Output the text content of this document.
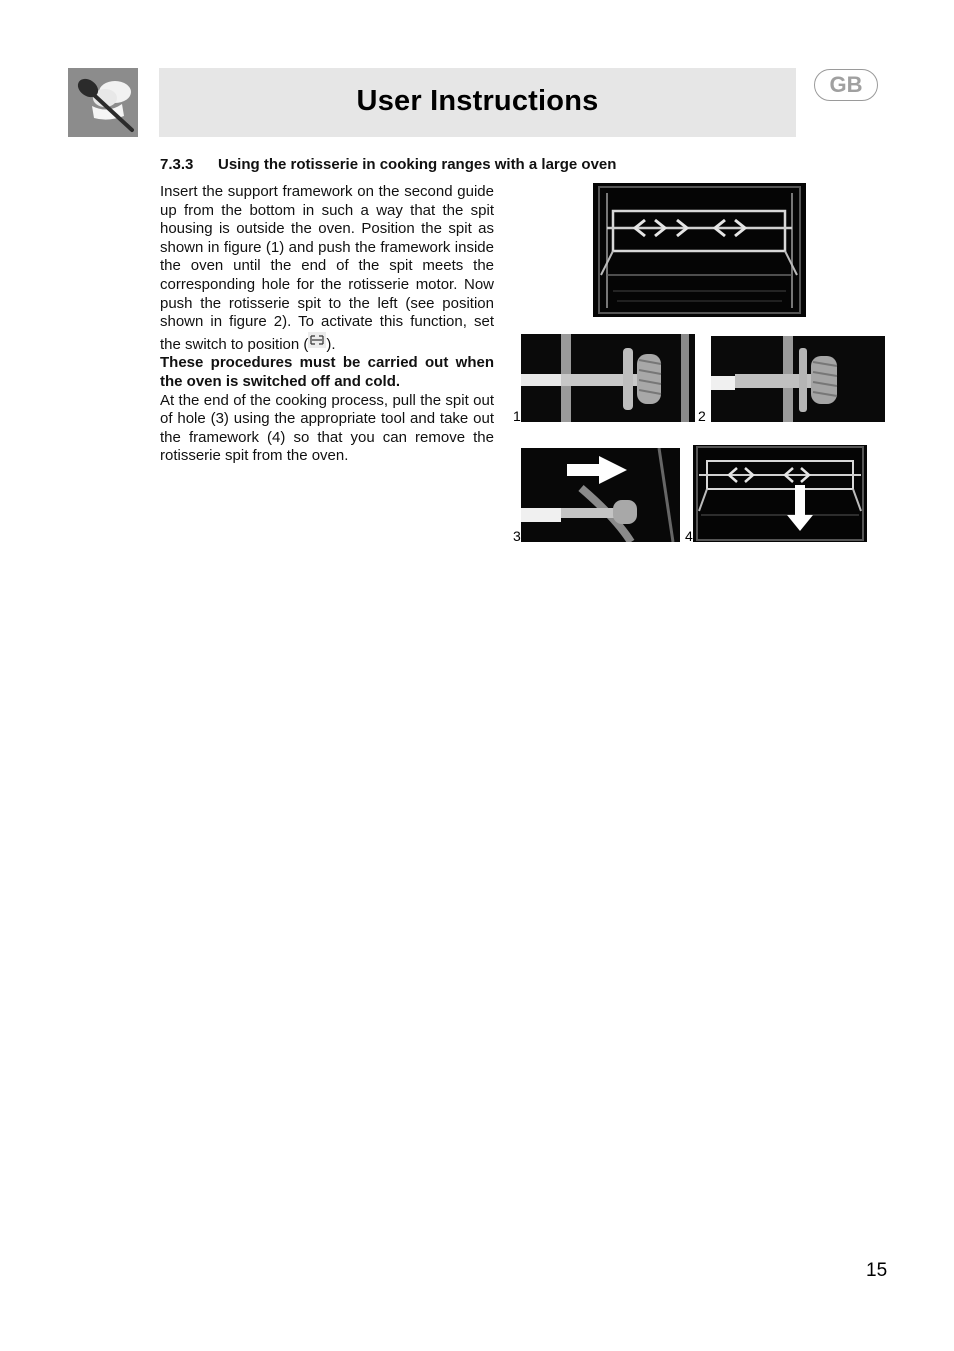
User Instructions
GB
7.3.3 Using the rotisserie in cooking ranges with a large oven

Insert the support framework on the second guide up from the bottom in such a way that the spit housing is outside the oven. Position the spit as shown in figure (1) and push the framework inside the oven until the end of the spit meets the corresponding hole for the rotisserie motor. Now push the rotisserie spit to the left (see position shown in figure 2). To activate this function, set the switch to position ( ).

These procedures must be carried out when the oven is switched off and cold.

At the end of the cooking process, pull the spit out of hole (3) using the appropriate tool and take out the framework (4) so that you can remove the rotisserie spit from the oven.

1	2
3	4
15
